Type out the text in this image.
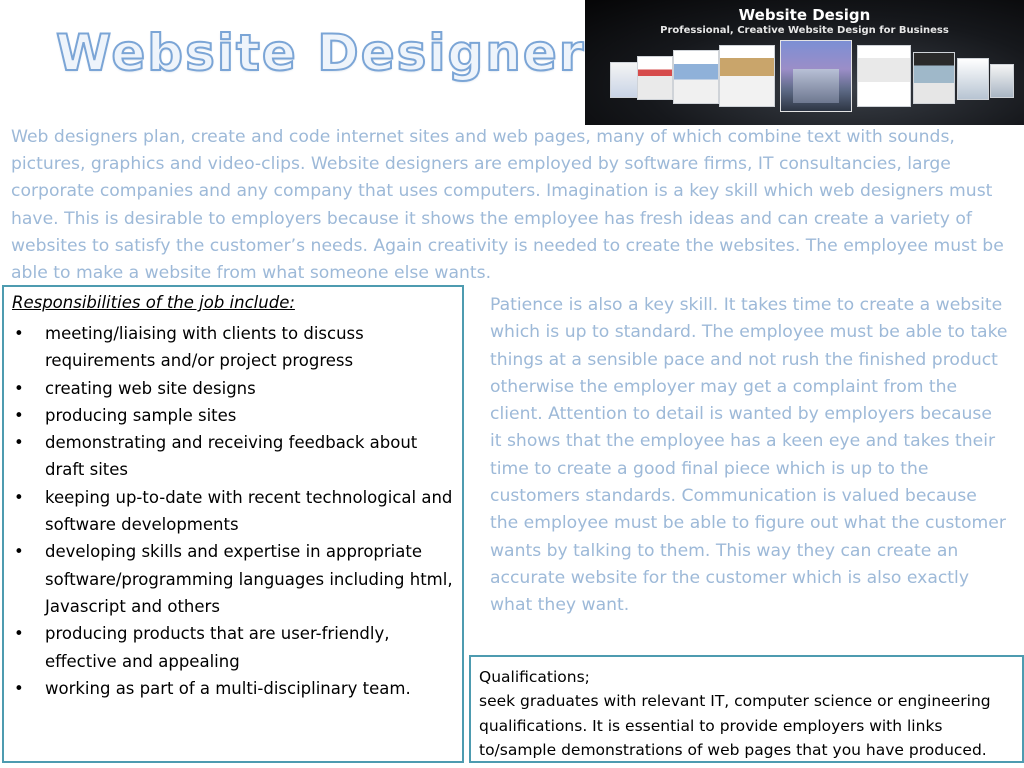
Website Designer
Website Design
Professional, Creative Website Design for Business

Web designers plan, create and code internet sites and web pages, many of which combine text with sounds, pictures, graphics and video-clips. Website designers are employed by software firms, IT consultancies, large corporate companies and any company that uses computers. Imagination is a key skill which web designers must have. This is desirable to employers because it shows the employee has fresh ideas and can create a variety of websites to satisfy the customer’s needs. Again creativity is needed to create the websites. The employee must be able to make a website from what someone else wants.

Responsibilities of the job include:
• meeting/liaising with clients to discuss requirements and/or project progress
• creating web site designs
• producing sample sites
• demonstrating and receiving feedback about draft sites
• keeping up-to-date with recent technological and software developments
• developing skills and expertise in appropriate software/programming languages including html, Javascript and others
• producing products that are user-friendly, effective and appealing
• working as part of a multi-disciplinary team.

Patience is also a key skill. It takes time to create a website which is up to standard. The employee must be able to take things at a sensible pace and not rush the finished product otherwise the employer may get a complaint from the client. Attention to detail is wanted by employers because it shows that the employee has a keen eye and takes their time to create a good final piece which is up to the customers standards. Communication is valued because the employee must be able to figure out what the customer wants by talking to them. This way they can create an accurate website for the customer which is also exactly what they want.

Qualifications;

seek graduates with relevant IT, computer science or engineering qualifications. It is essential to provide employers with links to/sample demonstrations of web pages that you have produced.
